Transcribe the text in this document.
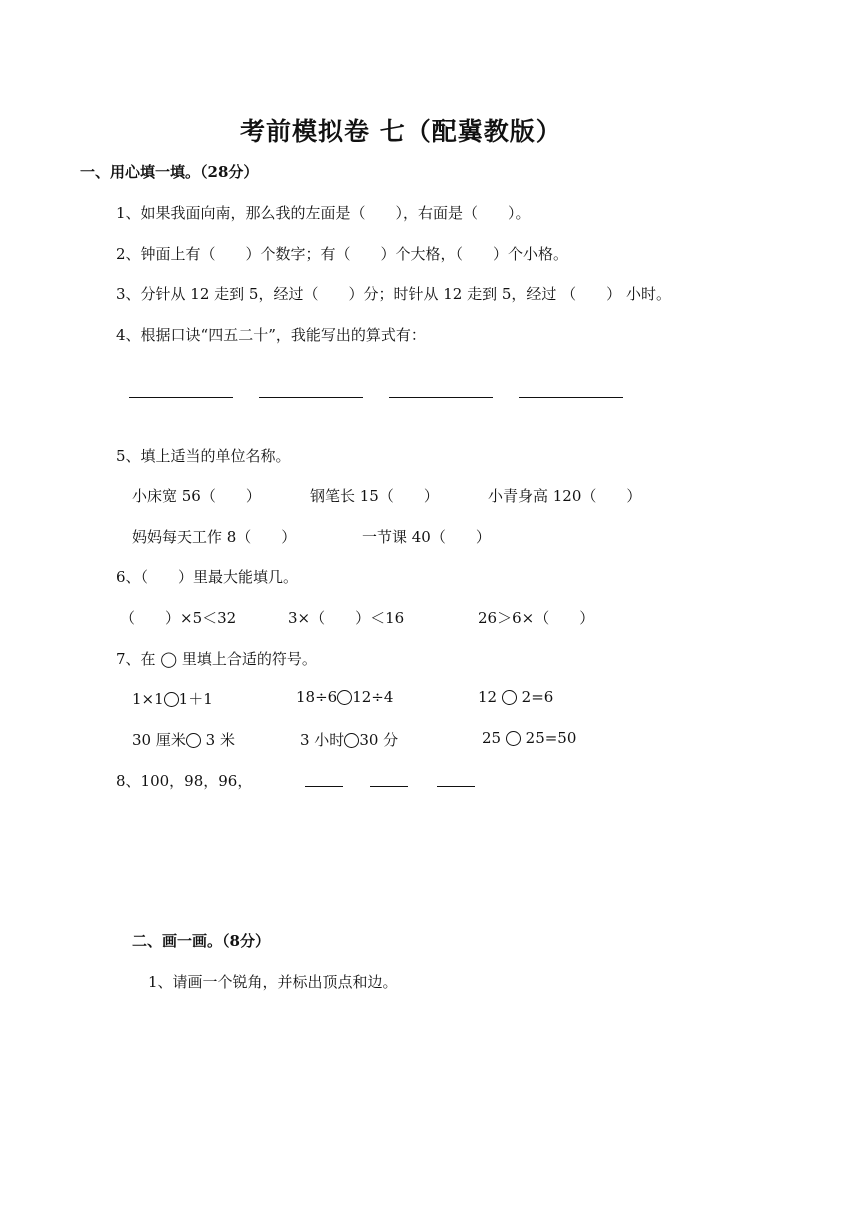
考前模拟卷 七（配冀教版）
一、用心填一填。（28分）
1、如果我面向南，那么我的左面是（　　），右面是（　　）。
2、钟面上有（　　）个数字；有（　　）个大格，（　　）个小格。
3、分针从 12 走到 5，经过（　　）分；时针从 12 走到 5，经过 （　　） 小时。
4、根据口诀“四五二十”，我能写出的算式有：
5、填上适当的单位名称。
小床宽 56（　　）	钢笔长 15（　　）	小青身高 120（　　）
妈妈每天工作 8（　　）	一节课 40（　　）
6、（　　）里最大能填几。
（　　）×5＜32	3×（　　）＜16	26＞6×（　　）
7、在 ◯ 里填上合适的符号。
1×1 1＋1	18÷6 12÷4	12 2=6
30 厘米 3 米	3 小时 30 分	25 25=50
8、100，98，96，

二、画一画。（8分）
1、请画一个锐角，并标出顶点和边。
